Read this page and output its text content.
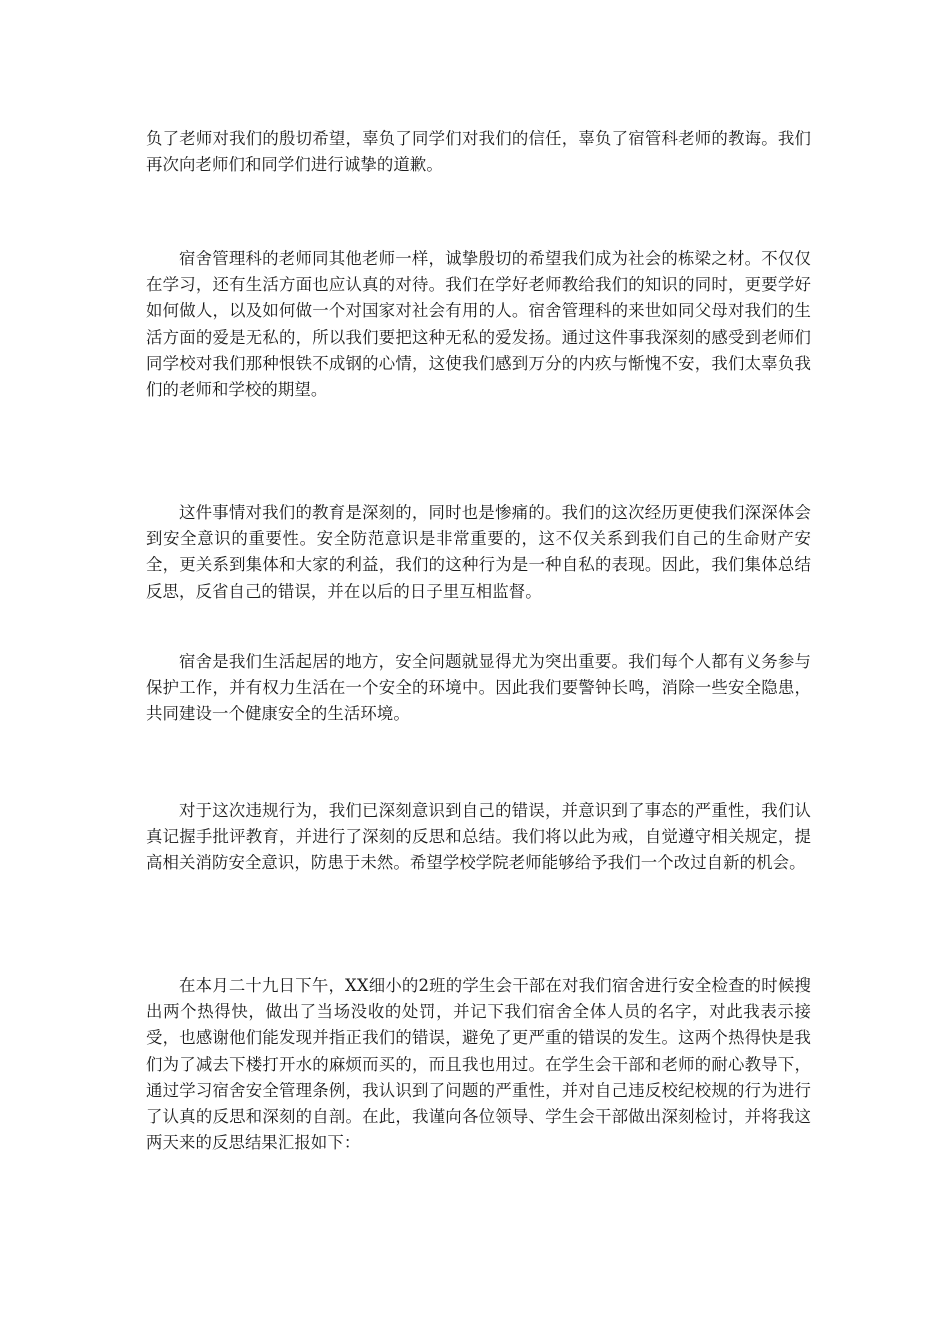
负了老师对我们的殷切希望，辜负了同学们对我们的信任，辜负了宿管科老师的教诲。我们再次向老师们和同学们进行诚挚的道歉。

宿舍管理科的老师同其他老师一样，诚挚殷切的希望我们成为社会的栋梁之材。不仅仅在学习，还有生活方面也应认真的对待。我们在学好老师教给我们的知识的同时，更要学好如何做人，以及如何做一个对国家对社会有用的人。宿舍管理科的来世如同父母对我们的生活方面的爱是无私的，所以我们要把这种无私的爱发扬。通过这件事我深刻的感受到老师们同学校对我们那种恨铁不成钢的心情，这使我们感到万分的内疚与惭愧不安，我们太辜负我们的老师和学校的期望。

这件事情对我们的教育是深刻的，同时也是惨痛的。我们的这次经历更使我们深深体会到安全意识的重要性。安全防范意识是非常重要的，这不仅关系到我们自己的生命财产安全，更关系到集体和大家的利益，我们的这种行为是一种自私的表现。因此，我们集体总结反思，反省自己的错误，并在以后的日子里互相监督。

宿舍是我们生活起居的地方，安全问题就显得尤为突出重要。我们每个人都有义务参与保护工作，并有权力生活在一个安全的环境中。因此我们要警钟长鸣，消除一些安全隐患，共同建设一个健康安全的生活环境。

对于这次违规行为，我们已深刻意识到自己的错误，并意识到了事态的严重性，我们认真记握手批评教育，并进行了深刻的反思和总结。我们将以此为戒，自觉遵守相关规定，提高相关消防安全意识，防患于未然。希望学校学院老师能够给予我们一个改过自新的机会。

在本月二十九日下午，XX细小的2班的学生会干部在对我们宿舍进行安全检查的时候搜出两个热得快，做出了当场没收的处罚，并记下我们宿舍全体人员的名字，对此我表示接受，也感谢他们能发现并指正我们的错误，避免了更严重的错误的发生。这两个热得快是我们为了减去下楼打开水的麻烦而买的，而且我也用过。在学生会干部和老师的耐心教导下，通过学习宿舍安全管理条例，我认识到了问题的严重性，并对自己违反校纪校规的行为进行了认真的反思和深刻的自剖。在此，我谨向各位领导、学生会干部做出深刻检讨，并将我这两天来的反思结果汇报如下：
